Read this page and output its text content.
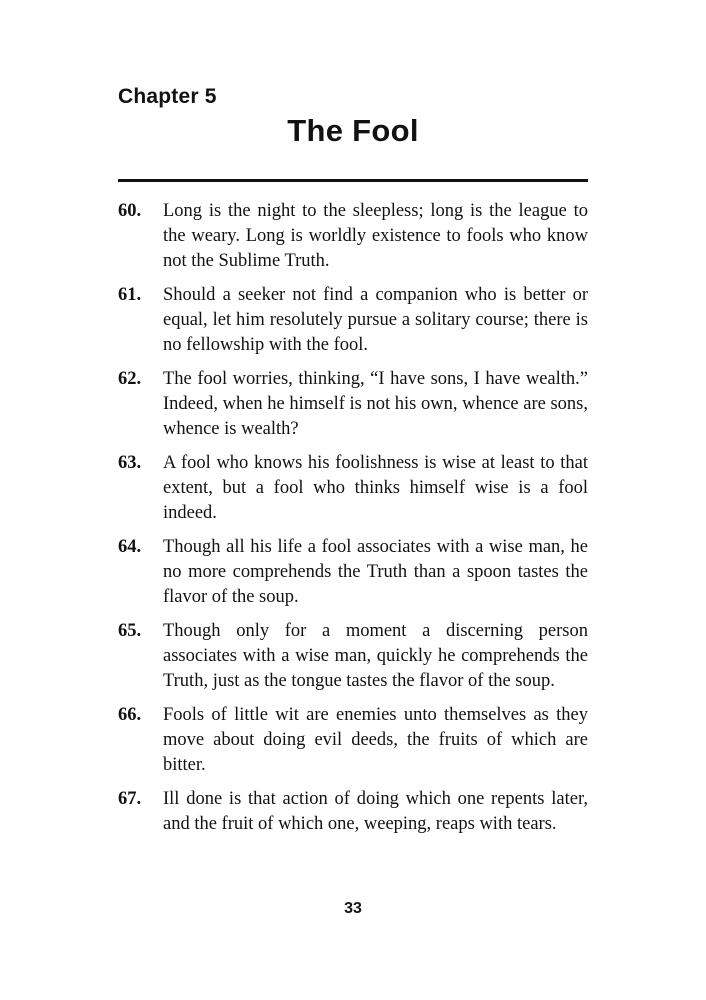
Chapter 5
The Fool
60.	Long is the night to the sleepless; long is the league to the weary. Long is worldly existence to fools who know not the Sublime Truth.
61.	Should a seeker not find a companion who is better or equal, let him resolutely pursue a solitary course; there is no fellowship with the fool.
62.	The fool worries, thinking, “I have sons, I have wealth.” Indeed, when he himself is not his own, whence are sons, whence is wealth?
63.	A fool who knows his foolishness is wise at least to that extent, but a fool who thinks himself wise is a fool indeed.
64.	Though all his life a fool associates with a wise man, he no more comprehends the Truth than a spoon tastes the flavor of the soup.
65.	Though only for a moment a discerning person associates with a wise man, quickly he comprehends the Truth, just as the tongue tastes the flavor of the soup.
66.	Fools of little wit are enemies unto themselves as they move about doing evil deeds, the fruits of which are bitter.
67.	Ill done is that action of doing which one repents later, and the fruit of which one, weeping, reaps with tears.
33
